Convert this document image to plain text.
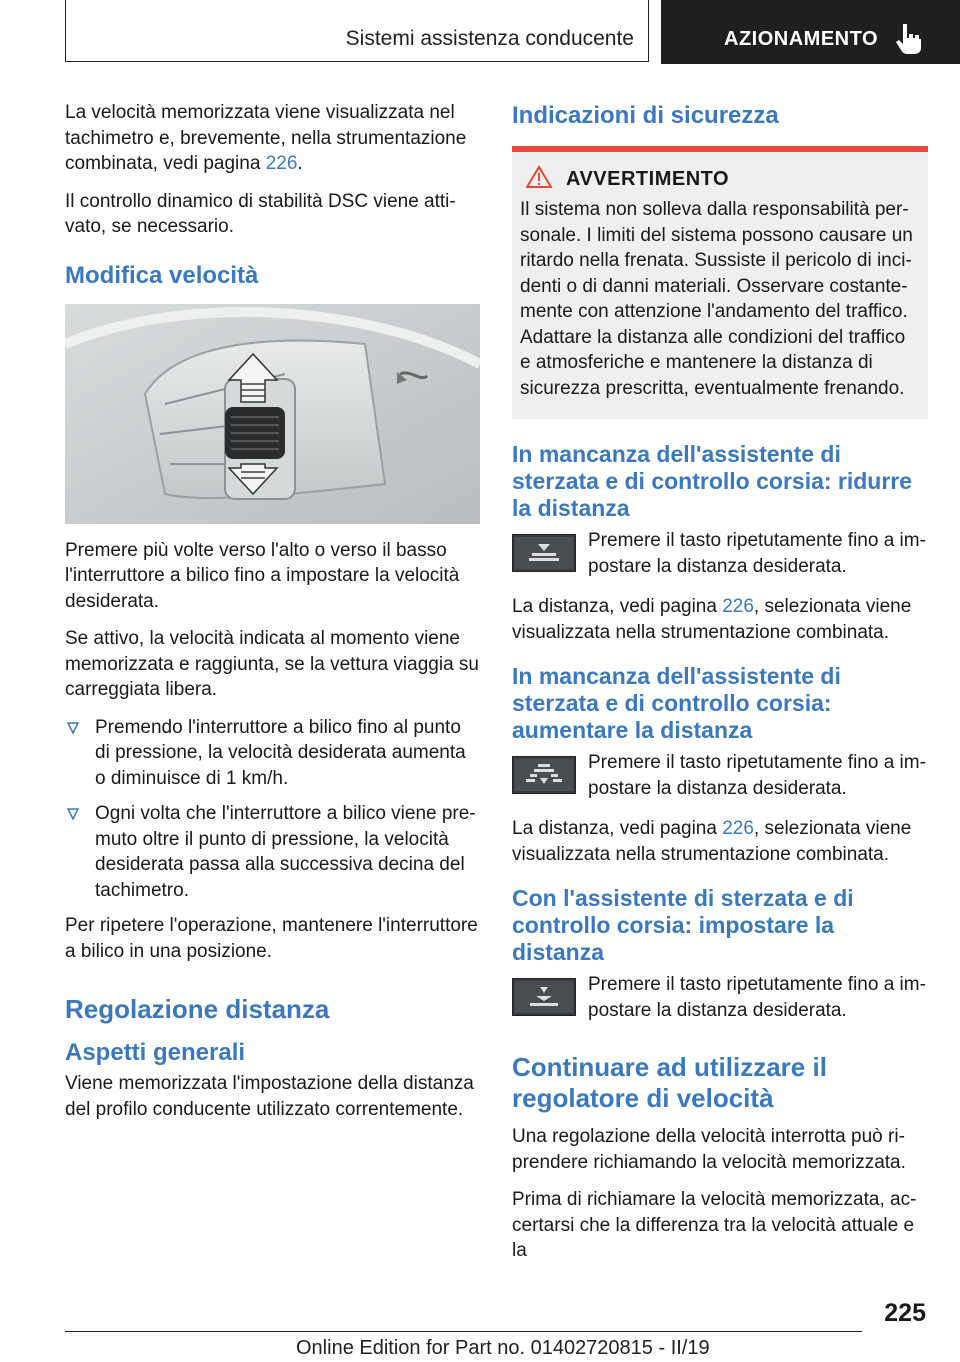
Sistemi assistenza conducente	AZIONAMENTO

La velocità memorizzata viene visualizzata nel tachimetro e, brevemente, nella strumentazione combinata, vedi pagina 226.

Il controllo dinamico di stabilità DSC viene attivato, se necessario.

Modifica velocità

Premere più volte verso l'alto o verso il basso l'interruttore a bilico fino a impostare la velocità desiderata.

Se attivo, la velocità indicata al momento viene memorizzata e raggiunta, se la vettura viaggia su carreggiata libera.

Premendo l'interruttore a bilico fino al punto di pressione, la velocità desiderata aumenta o diminuisce di 1 km/h.
Ogni volta che l'interruttore a bilico viene premuto oltre il punto di pressione, la velocità desiderata passa alla successiva decina del tachimetro.

Per ripetere l'operazione, mantenere l'interruttore a bilico in una posizione.

Regolazione distanza
Aspetti generali

Viene memorizzata l'impostazione della distanza del profilo conducente utilizzato correntemente.

Indicazioni di sicurezza
AVVERTIMENTO

Il sistema non solleva dalla responsabilità personale. I limiti del sistema possono causare un ritardo nella frenata. Sussiste il pericolo di incidenti o di danni materiali. Osservare costantemente con attenzione l'andamento del traffico. Adattare la distanza alle condizioni del traffico e atmosferiche e mantenere la distanza di sicurezza prescritta, eventualmente frenando.

In mancanza dell'assistente di sterzata e di controllo corsia: ridurre la distanza

Premere il tasto ripetutamente fino a impostare la distanza desiderata.

La distanza, vedi pagina 226, selezionata viene visualizzata nella strumentazione combinata.

In mancanza dell'assistente di sterzata e di controllo corsia: aumentare la distanza

Premere il tasto ripetutamente fino a impostare la distanza desiderata.

La distanza, vedi pagina 226, selezionata viene visualizzata nella strumentazione combinata.

Con l'assistente di sterzata e di controllo corsia: impostare la distanza

Premere il tasto ripetutamente fino a impostare la distanza desiderata.

Continuare ad utilizzare il regolatore di velocità

Una regolazione della velocità interrotta può riprendere richiamando la velocità memorizzata.

Prima di richiamare la velocità memorizzata, accertarsi che la differenza tra la velocità attuale e la

225
Online Edition for Part no. 01402720815 - II/19
